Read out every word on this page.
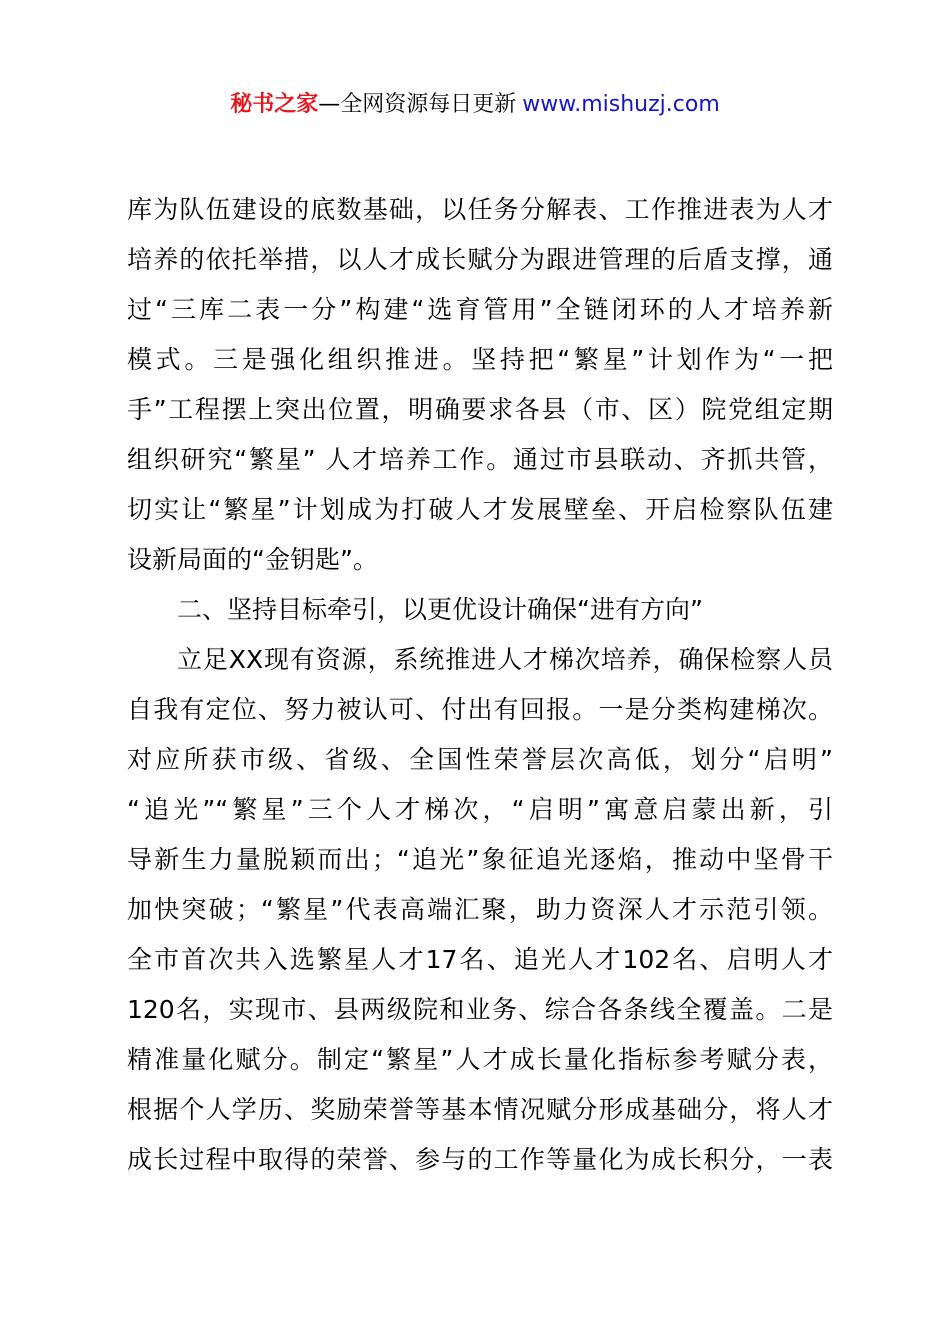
秘书之家—全网资源每日更新 www.mishuzj.com
库为队伍建设的底数基础，以任务分解表、工作推进表为人才
培养的依托举措，以人才成长赋分为跟进管理的后盾支撑，通
过“三库二表一分”构建“选育管用”全链闭环的人才培养新
模式。三是强化组织推进。坚持把“繁星”计划作为“一把
手”工程摆上突出位置，明确要求各县（市、区）院党组定期
组织研究“繁星” 人才培养工作。通过市县联动、齐抓共管，
切实让“繁星”计划成为打破人才发展壁垒、开启检察队伍建
设新局面的“金钥匙”。
二、坚持目标牵引，以更优设计确保“进有方向”
立足XX现有资源，系统推进人才梯次培养，确保检察人员
自我有定位、努力被认可、付出有回报。一是分类构建梯次。
对应所获市级、省级、全国性荣誉层次高低，划分“启明”
“追光”“繁星”三个人才梯次，“启明”寓意启蒙出新，引
导新生力量脱颖而出；“追光”象征追光逐焰，推动中坚骨干
加快突破；“繁星”代表高端汇聚，助力资深人才示范引领。
全市首次共入选繁星人才17名、追光人才102名、启明人才
120名，实现市、县两级院和业务、综合各条线全覆盖。二是
精准量化赋分。制定“繁星”人才成长量化指标参考赋分表，
根据个人学历、奖励荣誉等基本情况赋分形成基础分，将人才
成长过程中取得的荣誉、参与的工作等量化为成长积分，一表
